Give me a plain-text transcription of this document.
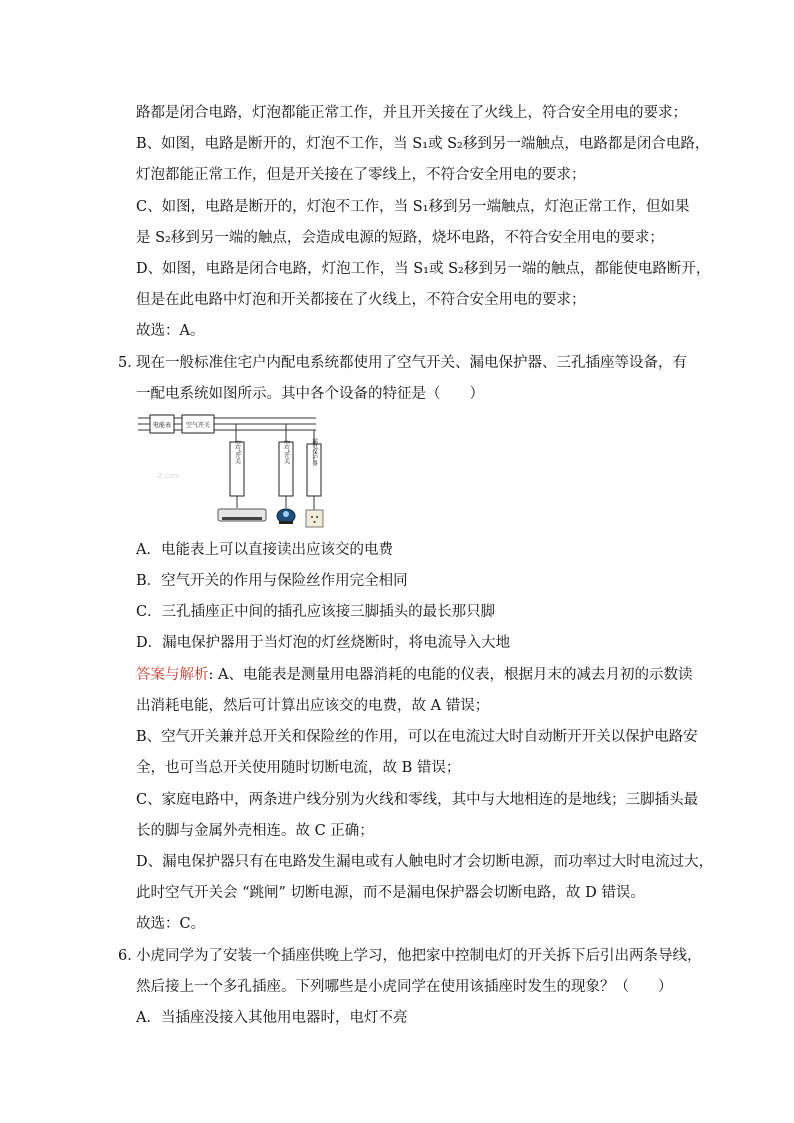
路都是闭合电路，灯泡都能正常工作，并且开关接在了火线上，符合安全用电的要求；
B、如图，电路是断开的，灯泡不工作，当 S₁或 S₂移到另一端触点，电路都是闭合电路，
灯泡都能正常工作，但是开关接在了零线上，不符合安全用电的要求；
C、如图，电路是断开的，灯泡不工作，当 S₁移到另一端触点，灯泡正常工作，但如果
是 S₂移到另一端的触点，会造成电源的短路，烧坏电路，不符合安全用电的要求；
D、如图，电路是闭合电路，灯泡工作，当 S₁或 S₂移到另一端的触点，都能使电路断开，
但是在此电路中灯泡和开关都接在了火线上，不符合安全用电的要求；
故选：A。
5．
现在一般标准住宅户内配电系统都使用了空气开关、漏电保护器、三孔插座等设备，有
一配电系统如图所示。其中各个设备的特征是（　　）
电能表 空气开关
空气开关	空气开关	漏电保护器
Z.com
A．电能表上可以直接读出应该交的电费
B．空气开关的作用与保险丝作用完全相同
C．三孔插座正中间的插孔应该接三脚插头的最长那只脚
D．漏电保护器用于当灯泡的灯丝烧断时，将电流导入大地
答案与解析: A、电能表是测量用电器消耗的电能的仪表，根据月末的减去月初的示数读
出消耗电能，然后可计算出应该交的电费，故 A 错误；
B、空气开关兼并总开关和保险丝的作用，可以在电流过大时自动断开开关以保护电路安
全，也可当总开关使用随时切断电流，故 B 错误；
C、家庭电路中，两条进户线分别为火线和零线，其中与大地相连的是地线；三脚插头最
长的脚与金属外壳相连。故 C 正确；
D、漏电保护器只有在电路发生漏电或有人触电时才会切断电源，而功率过大时电流过大，
此时空气开关会 “跳闸” 切断电源，而不是漏电保护器会切断电路，故 D 错误。
故选：C。
6．
小虎同学为了安装一个插座供晚上学习，他把家中控制电灯的开关拆下后引出两条导线，
然后接上一个多孔插座。下列哪些是小虎同学在使用该插座时发生的现象？（　　）
A．当插座没接入其他用电器时，电灯不亮
